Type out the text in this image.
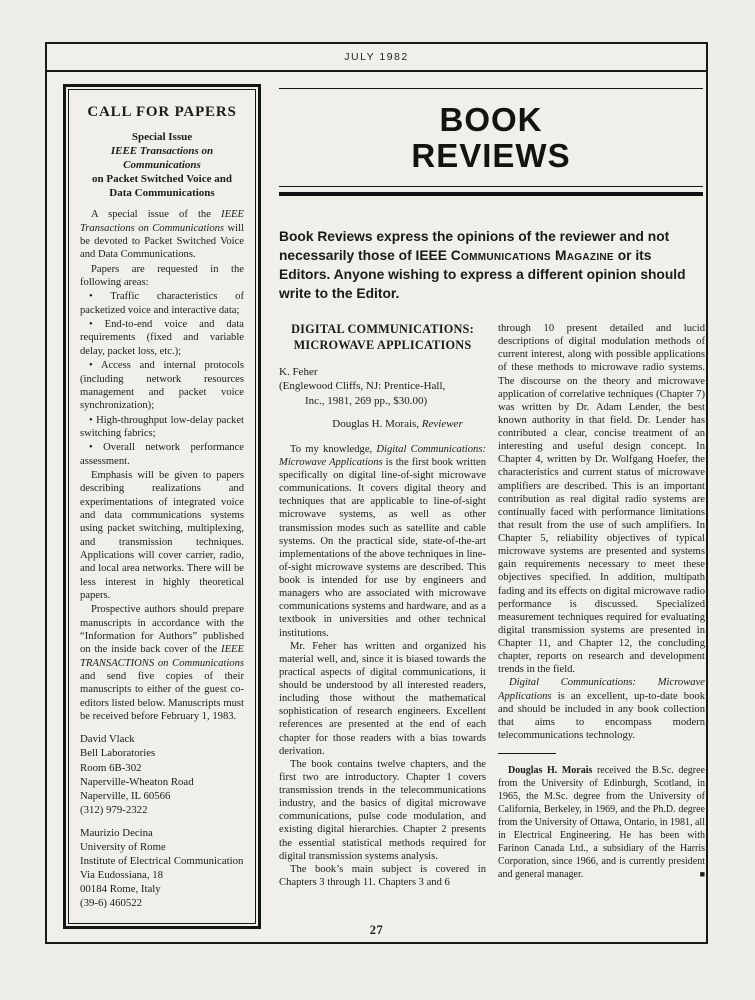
JULY 1982
CALL FOR PAPERS
Special Issue
IEEE Transactions on
Communications
on Packet Switched Voice and
Data Communications

A special issue of the IEEE Transactions on Communications will be devoted to Packet Switched Voice and Data Communications.

Papers are requested in the following areas:

• Traffic characteristics of packetized voice and interactive data;

• End-to-end voice and data requirements (fixed and variable delay, packet loss, etc.);

• Access and internal protocols (including network resources management and packet voice synchronization);

• High-throughput low-delay packet switching fabrics;

• Overall network performance assessment.

Emphasis will be given to papers describing realizations and experimentations of integrated voice and data communications systems using packet switching, multiplexing, and transmission techniques. Applications will cover carrier, radio, and local area networks. There will be less interest in highly theoretical papers.

Prospective authors should prepare manuscripts in accordance with the “Information for Authors” published on the inside back cover of the IEEE TRANSACTIONS on Communications and send five copies of their manuscripts to either of the guest co-editors listed below. Manuscripts must be received before February 1, 1983.

David Vlack
Bell Laboratories
Room 6B-302
Naperville-Wheaton Road
Naperville, IL 60566
(312) 979-2322
Maurizio Decina
University of Rome
Institute of Electrical Communication
Via Eudossiana, 18
00184 Rome, Italy
(39-6) 460522
BOOK
REVIEWS
Book Reviews express the opinions of the reviewer and not necessarily those of IEEE Communications Magazine or its Editors. Anyone wishing to express a different opinion should write to the Editor.
DIGITAL COMMUNICATIONS:
MICROWAVE APPLICATIONS
K. Feher
(Englewood Cliffs, NJ: Prentice-Hall,
Inc., 1981, 269 pp., $30.00)
Douglas H. Morais, Reviewer

To my knowledge, Digital Communications: Microwave Applications is the first book written specifically on digital line-of-sight microwave communications. It covers digital theory and techniques that are applicable to line-of-sight microwave systems, as well as other transmission modes such as satellite and cable systems. On the practical side, state-of-the-art implementations of the above techniques in line-of-sight microwave systems are described. This book is intended for use by engineers and managers who are associated with microwave communications systems and hardware, and as a textbook in universities and other technical institutions.

Mr. Feher has written and organized his material well, and, since it is biased towards the practical aspects of digital communications, it should be understood by all interested readers, including those without the mathematical sophistication of research engineers. Excellent references are presented at the end of each chapter for those readers with a bias towards derivation.

The book contains twelve chapters, and the first two are introductory. Chapter 1 covers transmission trends in the telecommunications industry, and the basics of digital microwave communications, pulse code modulation, and existing digital hierarchies. Chapter 2 presents the essential statistical methods required for digital transmission systems analysis.

The book’s main subject is covered in Chapters 3 through 11. Chapters 3 and 6

through 10 present detailed and lucid descriptions of digital modulation methods of current interest, along with possible applications of these methods to microwave radio systems. The discourse on the theory and microwave application of correlative techniques (Chapter 7) was written by Dr. Adam Lender, the best known authority in that field. Dr. Lender has contributed a clear, concise treatment of an interesting and useful design concept. In Chapter 4, written by Dr. Wolfgang Hoefer, the characteristics and current status of microwave amplifiers are described. This is an important contribution as real digital radio systems are continually faced with performance limitations that result from the use of such amplifiers. In Chapter 5, reliability objectives of typical microwave systems are presented and systems gain requirements necessary to meet these objectives specified. In addition, multipath fading and its effects on digital microwave radio performance is discussed. Specialized measurement techniques required for evaluating digital transmission systems are presented in Chapter 11, and Chapter 12, the concluding chapter, reports on research and development trends in the field.

Digital Communications: Microwave Applications is an excellent, up-to-date book and should be included in any book collection that aims to encompass modern telecommunications technology.

Douglas H. Morais received the B.Sc. degree from the University of Edinburgh, Scotland, in 1965, the M.Sc. degree from the University of California, Berkeley, in 1969, and the Ph.D. degree from the University of Ottawa, Ontario, in 1981, all in Electrical Engineering. He has been with Farinon Canada Ltd., a subsidiary of the Harris Corporation, since 1966, and is currently president and general manager.	■

27
